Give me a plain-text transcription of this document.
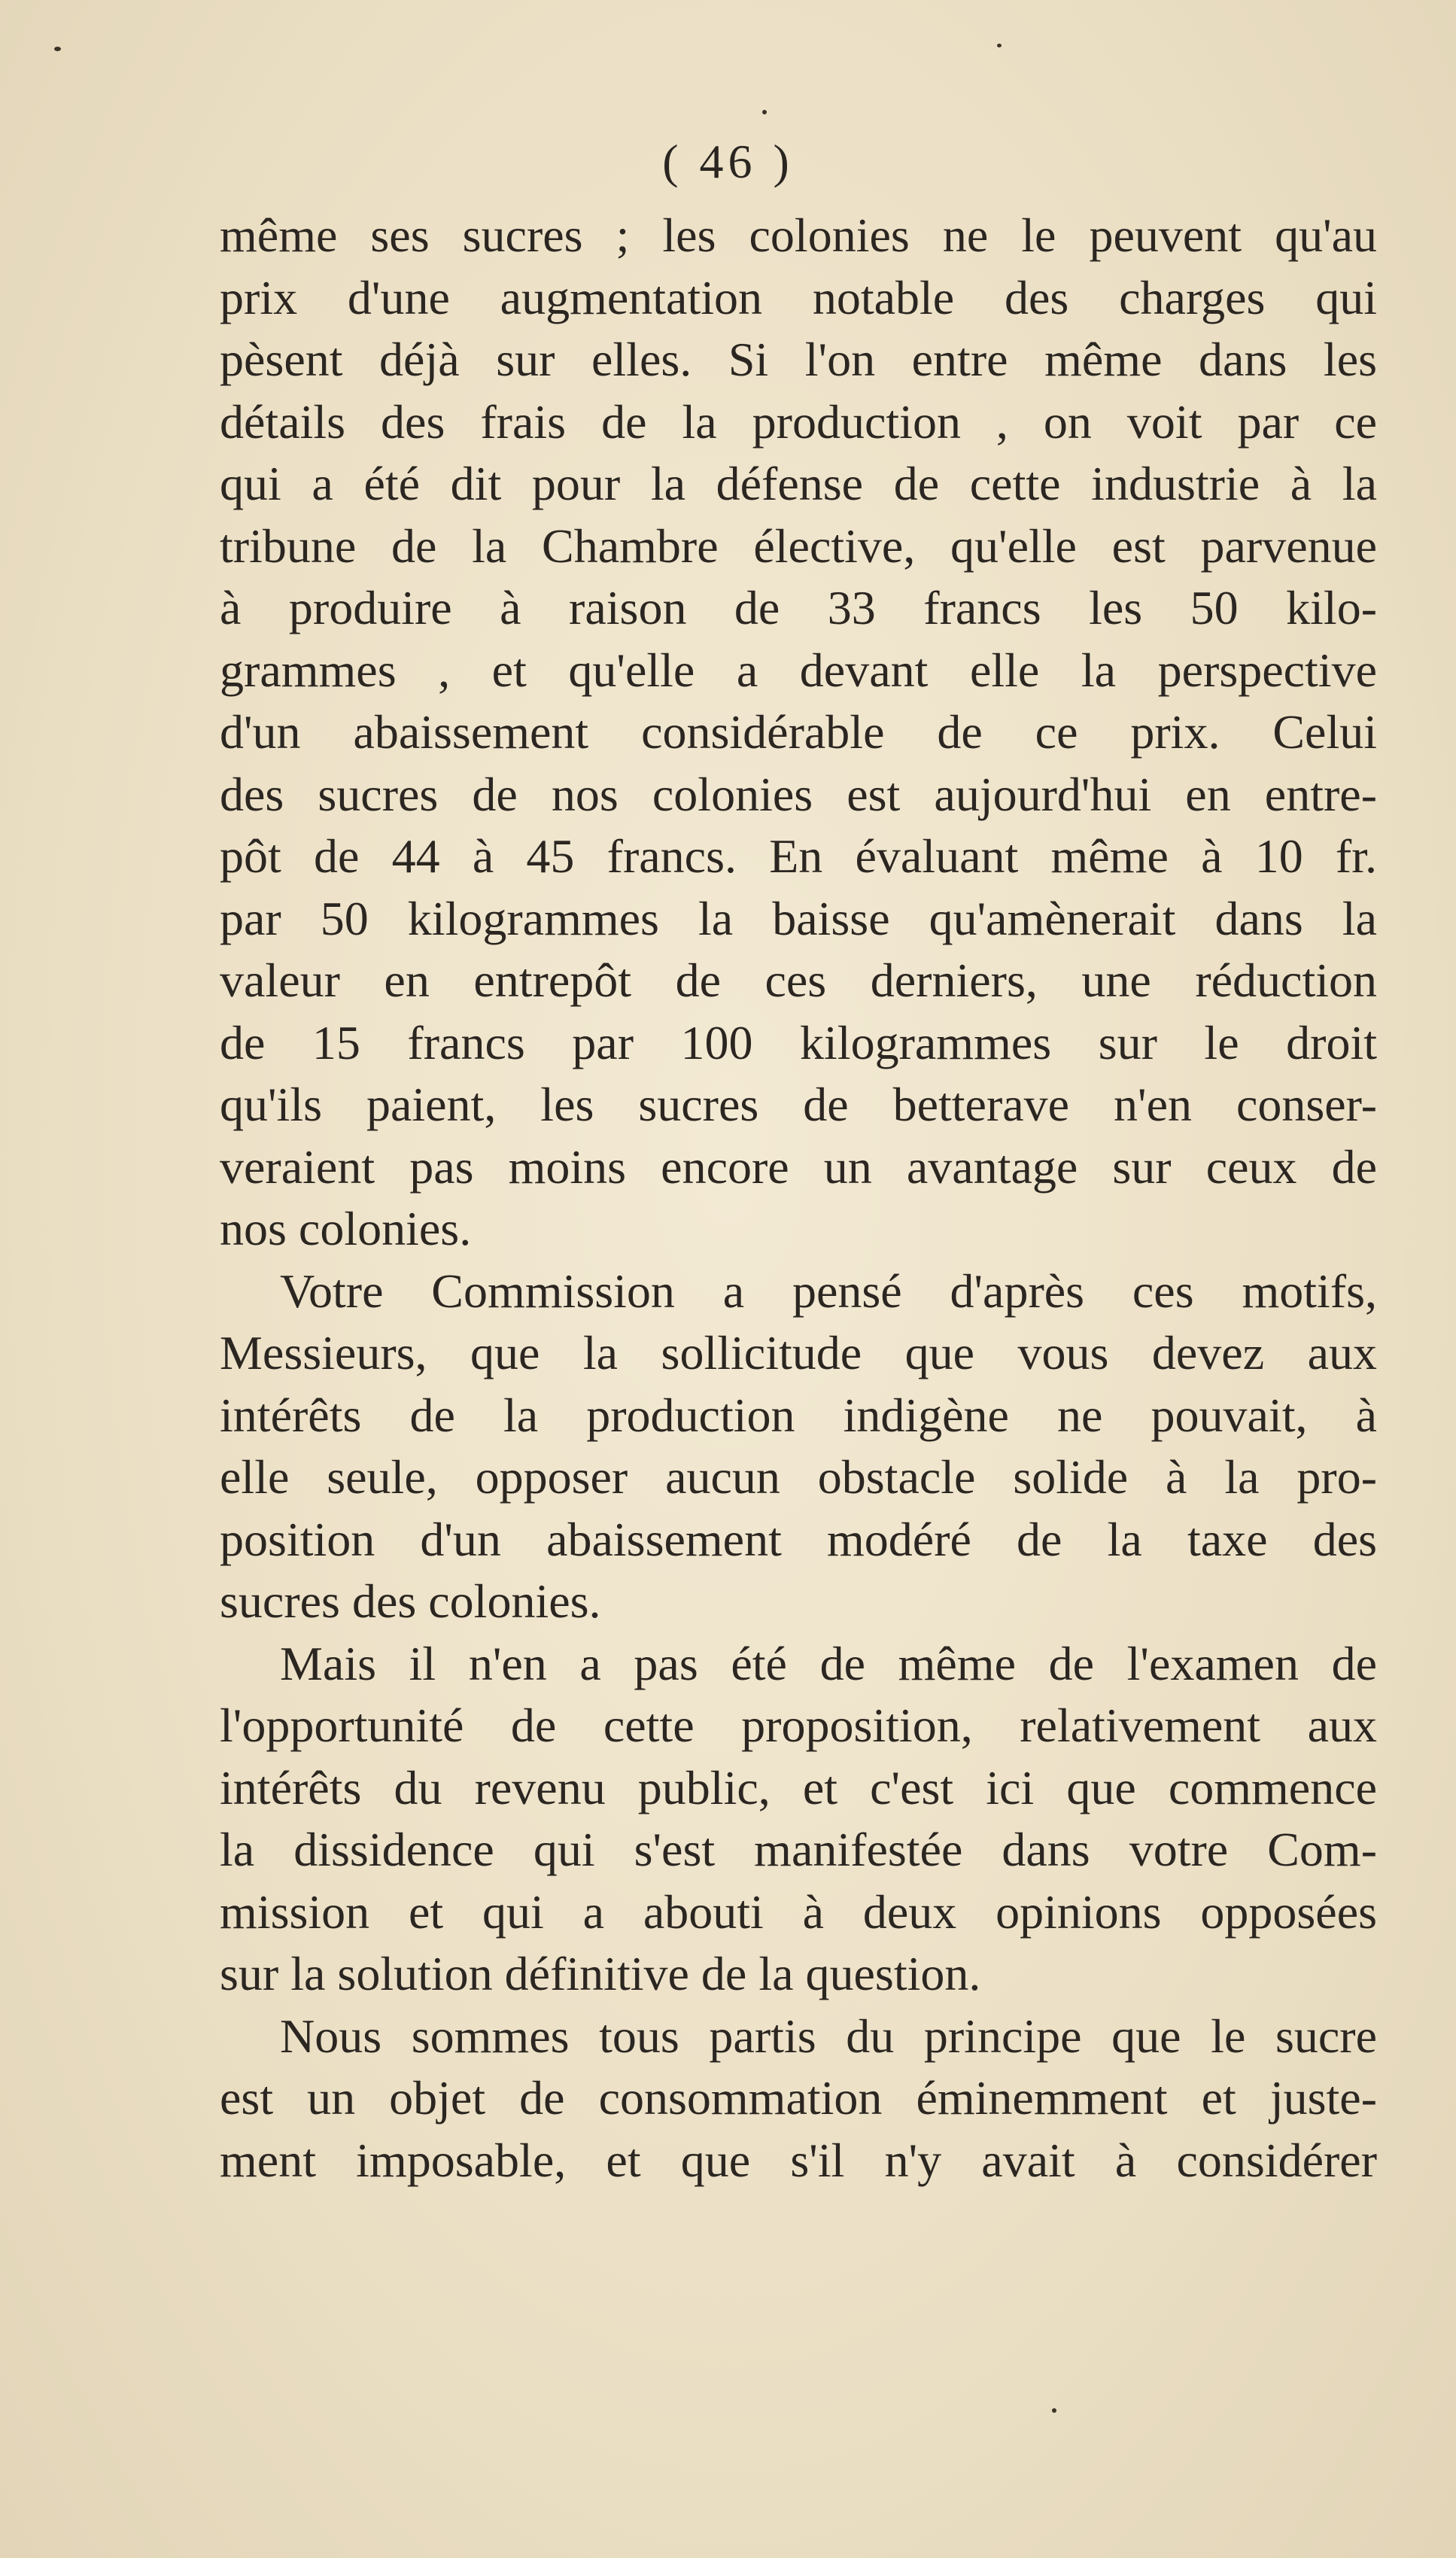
( 46 )
même ses sucres ; les colonies ne le peuvent qu'au
prix d'une augmentation notable des charges qui
pèsent déjà sur elles. Si l'on entre même dans les
détails des frais de la production , on voit par ce
qui a été dit pour la défense de cette industrie à la
tribune de la Chambre élective, qu'elle est parvenue
à produire à raison de 33 francs les 50 kilo-
grammes , et qu'elle a devant elle la perspective
d'un abaissement considérable de ce prix. Celui
des sucres de nos colonies est aujourd'hui en entre-
pôt de 44 à 45 francs. En évaluant même à 10 fr.
par 50 kilogrammes la baisse qu'amènerait dans la
valeur en entrepôt de ces derniers, une réduction
de 15 francs par 100 kilogrammes sur le droit
qu'ils paient, les sucres de betterave n'en conser-
veraient pas moins encore un avantage sur ceux de
nos colonies.
Votre Commission a pensé d'après ces motifs,
Messieurs, que la sollicitude que vous devez aux
intérêts de la production indigène ne pouvait, à
elle seule, opposer aucun obstacle solide à la pro-
position d'un abaissement modéré de la taxe des
sucres des colonies.
Mais il n'en a pas été de même de l'examen de
l'opportunité de cette proposition, relativement aux
intérêts du revenu public, et c'est ici que commence
la dissidence qui s'est manifestée dans votre Com-
mission et qui a abouti à deux opinions opposées
sur la solution définitive de la question.
Nous sommes tous partis du principe que le sucre
est un objet de consommation éminemment et juste-
ment imposable, et que s'il n'y avait à considérer
